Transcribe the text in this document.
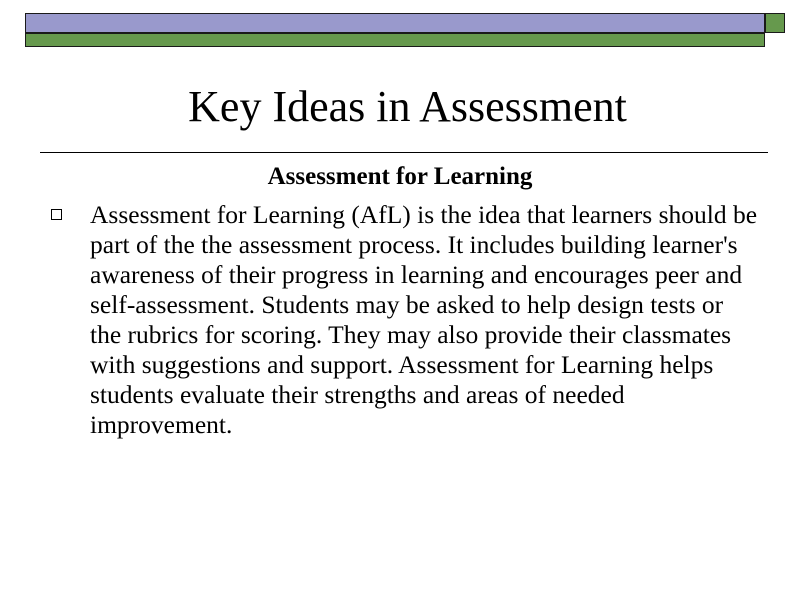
Key Ideas in Assessment
Assessment for Learning
Assessment for Learning (AfL) is the idea that learners should be part of the the assessment process. It includes building learner's awareness of their progress in learning and encourages peer and self-assessment. Students may be asked to help design tests or the rubrics for scoring. They may also provide their classmates with suggestions and support. Assessment for Learning helps students evaluate their strengths and areas of needed improvement.
